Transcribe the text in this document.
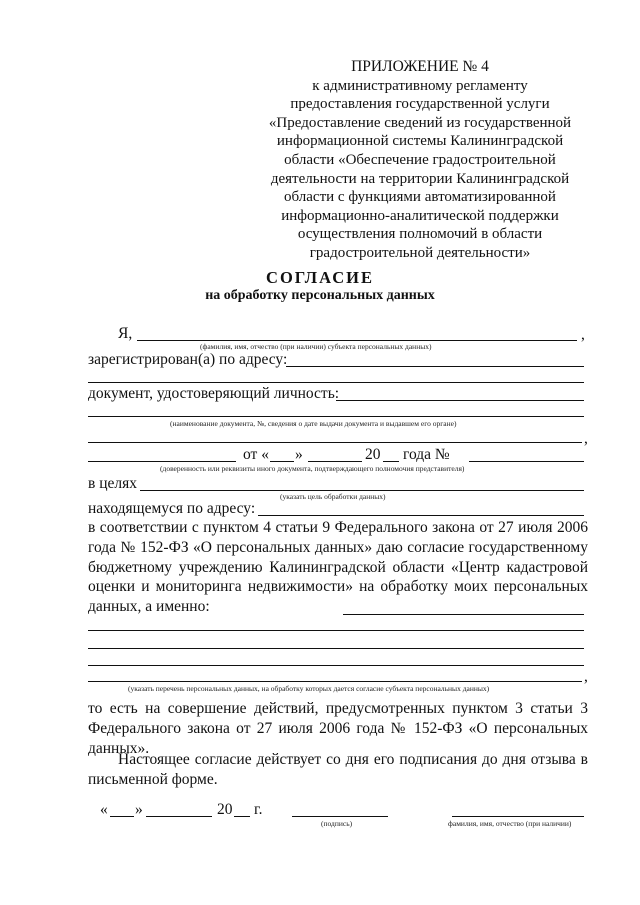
ПРИЛОЖЕНИЕ № 4
к административному регламенту
предоставления государственной услуги
«Предоставление сведений из государственной
информационной системы Калининградской
области «Обеспечение градостроительной
деятельности на территории Калининградской
области с функциями автоматизированной
информационно-аналитической поддержки
осуществления полномочий в области
градостроительной деятельности»
СОГЛАСИЕ
на обработку персональных данных
Я,	,
(фамилия, имя, отчество (при наличии) субъекта персональных данных)
зарегистрирован(а) по адресу:
документ, удостоверяющий личность:
(наименование документа, №, сведения о дате выдачи документа и выдавшем его органе)
,
от « »	20 года №
(доверенность или реквизиты иного документа, подтверждающего полномочия представителя)
в целях
(указать цель обработки данных)
находящемуся по адресу:
в соответствии с пунктом 4 статьи 9 Федерального закона от 27 июля 2006 года № 152-ФЗ «О персональных данных» даю согласие государственному бюджетному учреждению Калининградской области «Центр кадастровой оценки и мониторинга недвижимости» на обработку моих персональных данных, а именно:
,
(указать перечень персональных данных, на обработку которых дается согласие субъекта персональных данных)
то есть на совершение действий, предусмотренных пунктом 3 статьи 3 Федерального закона от 27 июля 2006 года № 152-ФЗ «О персональных данных».
Настоящее согласие действует со дня его подписания до дня отзыва в письменной форме.
« »	20 г.
(подпись)	фамилия, имя, отчество (при наличии)
